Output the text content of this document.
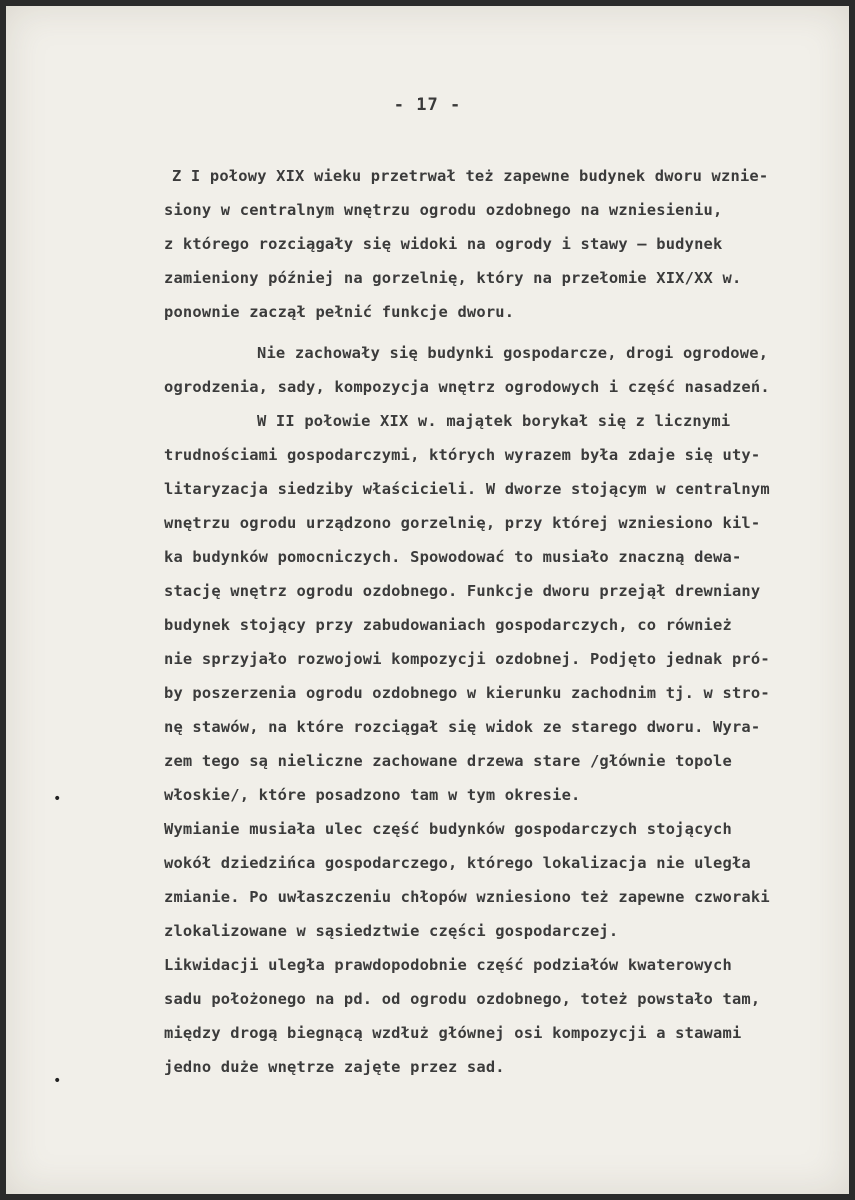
- 17 -
Z I połowy XIX wieku przetrwał też zapewne budynek dworu wznie-
siony w centralnym wnętrzu ogrodu ozdobnego na wzniesieniu,
z którego rozciągały się widoki na ogrody i stawy – budynek
zamieniony później na gorzelnię, który na przełomie XIX/XX w.
ponownie zaczął pełnić funkcje dworu.
Nie zachowały się budynki gospodarcze, drogi ogrodowe,
ogrodzenia, sady, kompozycja wnętrz ogrodowych i część nasadzeń.
W II połowie XIX w. majątek borykał się z licznymi
trudnościami gospodarczymi, których wyrazem była zdaje się uty-
litaryzacja siedziby właścicieli. W dworze stojącym w centralnym
wnętrzu ogrodu urządzono gorzelnię, przy której wzniesiono kil-
ka budynków pomocniczych. Spowodować to musiało znaczną dewa-
stację wnętrz ogrodu ozdobnego. Funkcje dworu przejął drewniany
budynek stojący przy zabudowaniach gospodarczych, co również
nie sprzyjało rozwojowi kompozycji ozdobnej. Podjęto jednak pró-
by poszerzenia ogrodu ozdobnego w kierunku zachodnim tj. w stro-
nę stawów, na które rozciągał się widok ze starego dworu. Wyra-
zem tego są nieliczne zachowane drzewa stare /głównie topole
włoskie/, które posadzono tam w tym okresie.
Wymianie musiała ulec część budynków gospodarczych stojących
wokół dziedzińca gospodarczego, którego lokalizacja nie uległa
zmianie. Po uwłaszczeniu chłopów wzniesiono też zapewne czworaki
zlokalizowane w sąsiedztwie części gospodarczej.
Likwidacji uległa prawdopodobnie część podziałów kwaterowych
sadu położonego na pd. od ogrodu ozdobnego, toteż powstało tam,
między drogą biegnącą wzdłuż głównej osi kompozycji a stawami
jedno duże wnętrze zajęte przez sad.
•
•
